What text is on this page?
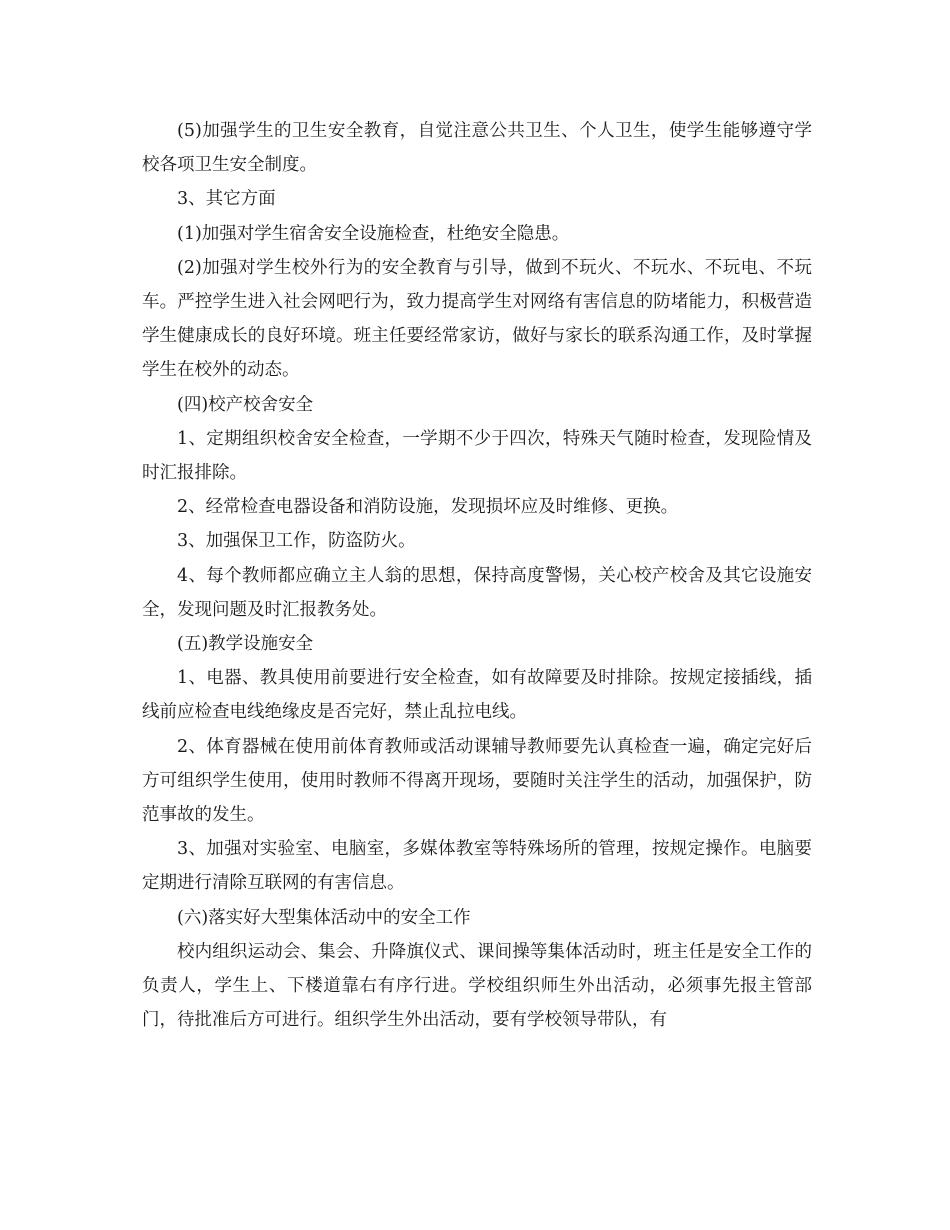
(5)加强学生的卫生安全教育，自觉注意公共卫生、个人卫生，使学生能够遵守学校各项卫生安全制度。

3、其它方面

(1)加强对学生宿舍安全设施检查，杜绝安全隐患。

(2)加强对学生校外行为的安全教育与引导，做到不玩火、不玩水、不玩电、不玩车。严控学生进入社会网吧行为，致力提高学生对网络有害信息的防堵能力，积极营造学生健康成长的良好环境。班主任要经常家访，做好与家长的联系沟通工作，及时掌握学生在校外的动态。

(四)校产校舍安全

1、定期组织校舍安全检查，一学期不少于四次，特殊天气随时检查，发现险情及时汇报排除。

2、经常检查电器设备和消防设施，发现损坏应及时维修、更换。

3、加强保卫工作，防盗防火。

4、每个教师都应确立主人翁的思想，保持高度警惕，关心校产校舍及其它设施安全，发现问题及时汇报教务处。

(五)教学设施安全

1、电器、教具使用前要进行安全检查，如有故障要及时排除。按规定接插线，插线前应检查电线绝缘皮是否完好，禁止乱拉电线。

2、体育器械在使用前体育教师或活动课辅导教师要先认真检查一遍，确定完好后方可组织学生使用，使用时教师不得离开现场，要随时关注学生的活动，加强保护，防范事故的发生。

3、加强对实验室、电脑室，多媒体教室等特殊场所的管理，按规定操作。电脑要定期进行清除互联网的有害信息。

(六)落实好大型集体活动中的安全工作

校内组织运动会、集会、升降旗仪式、课间操等集体活动时，班主任是安全工作的负责人，学生上、下楼道靠右有序行进。学校组织师生外出活动，必须事先报主管部门，待批准后方可进行。组织学生外出活动，要有学校领导带队，有
